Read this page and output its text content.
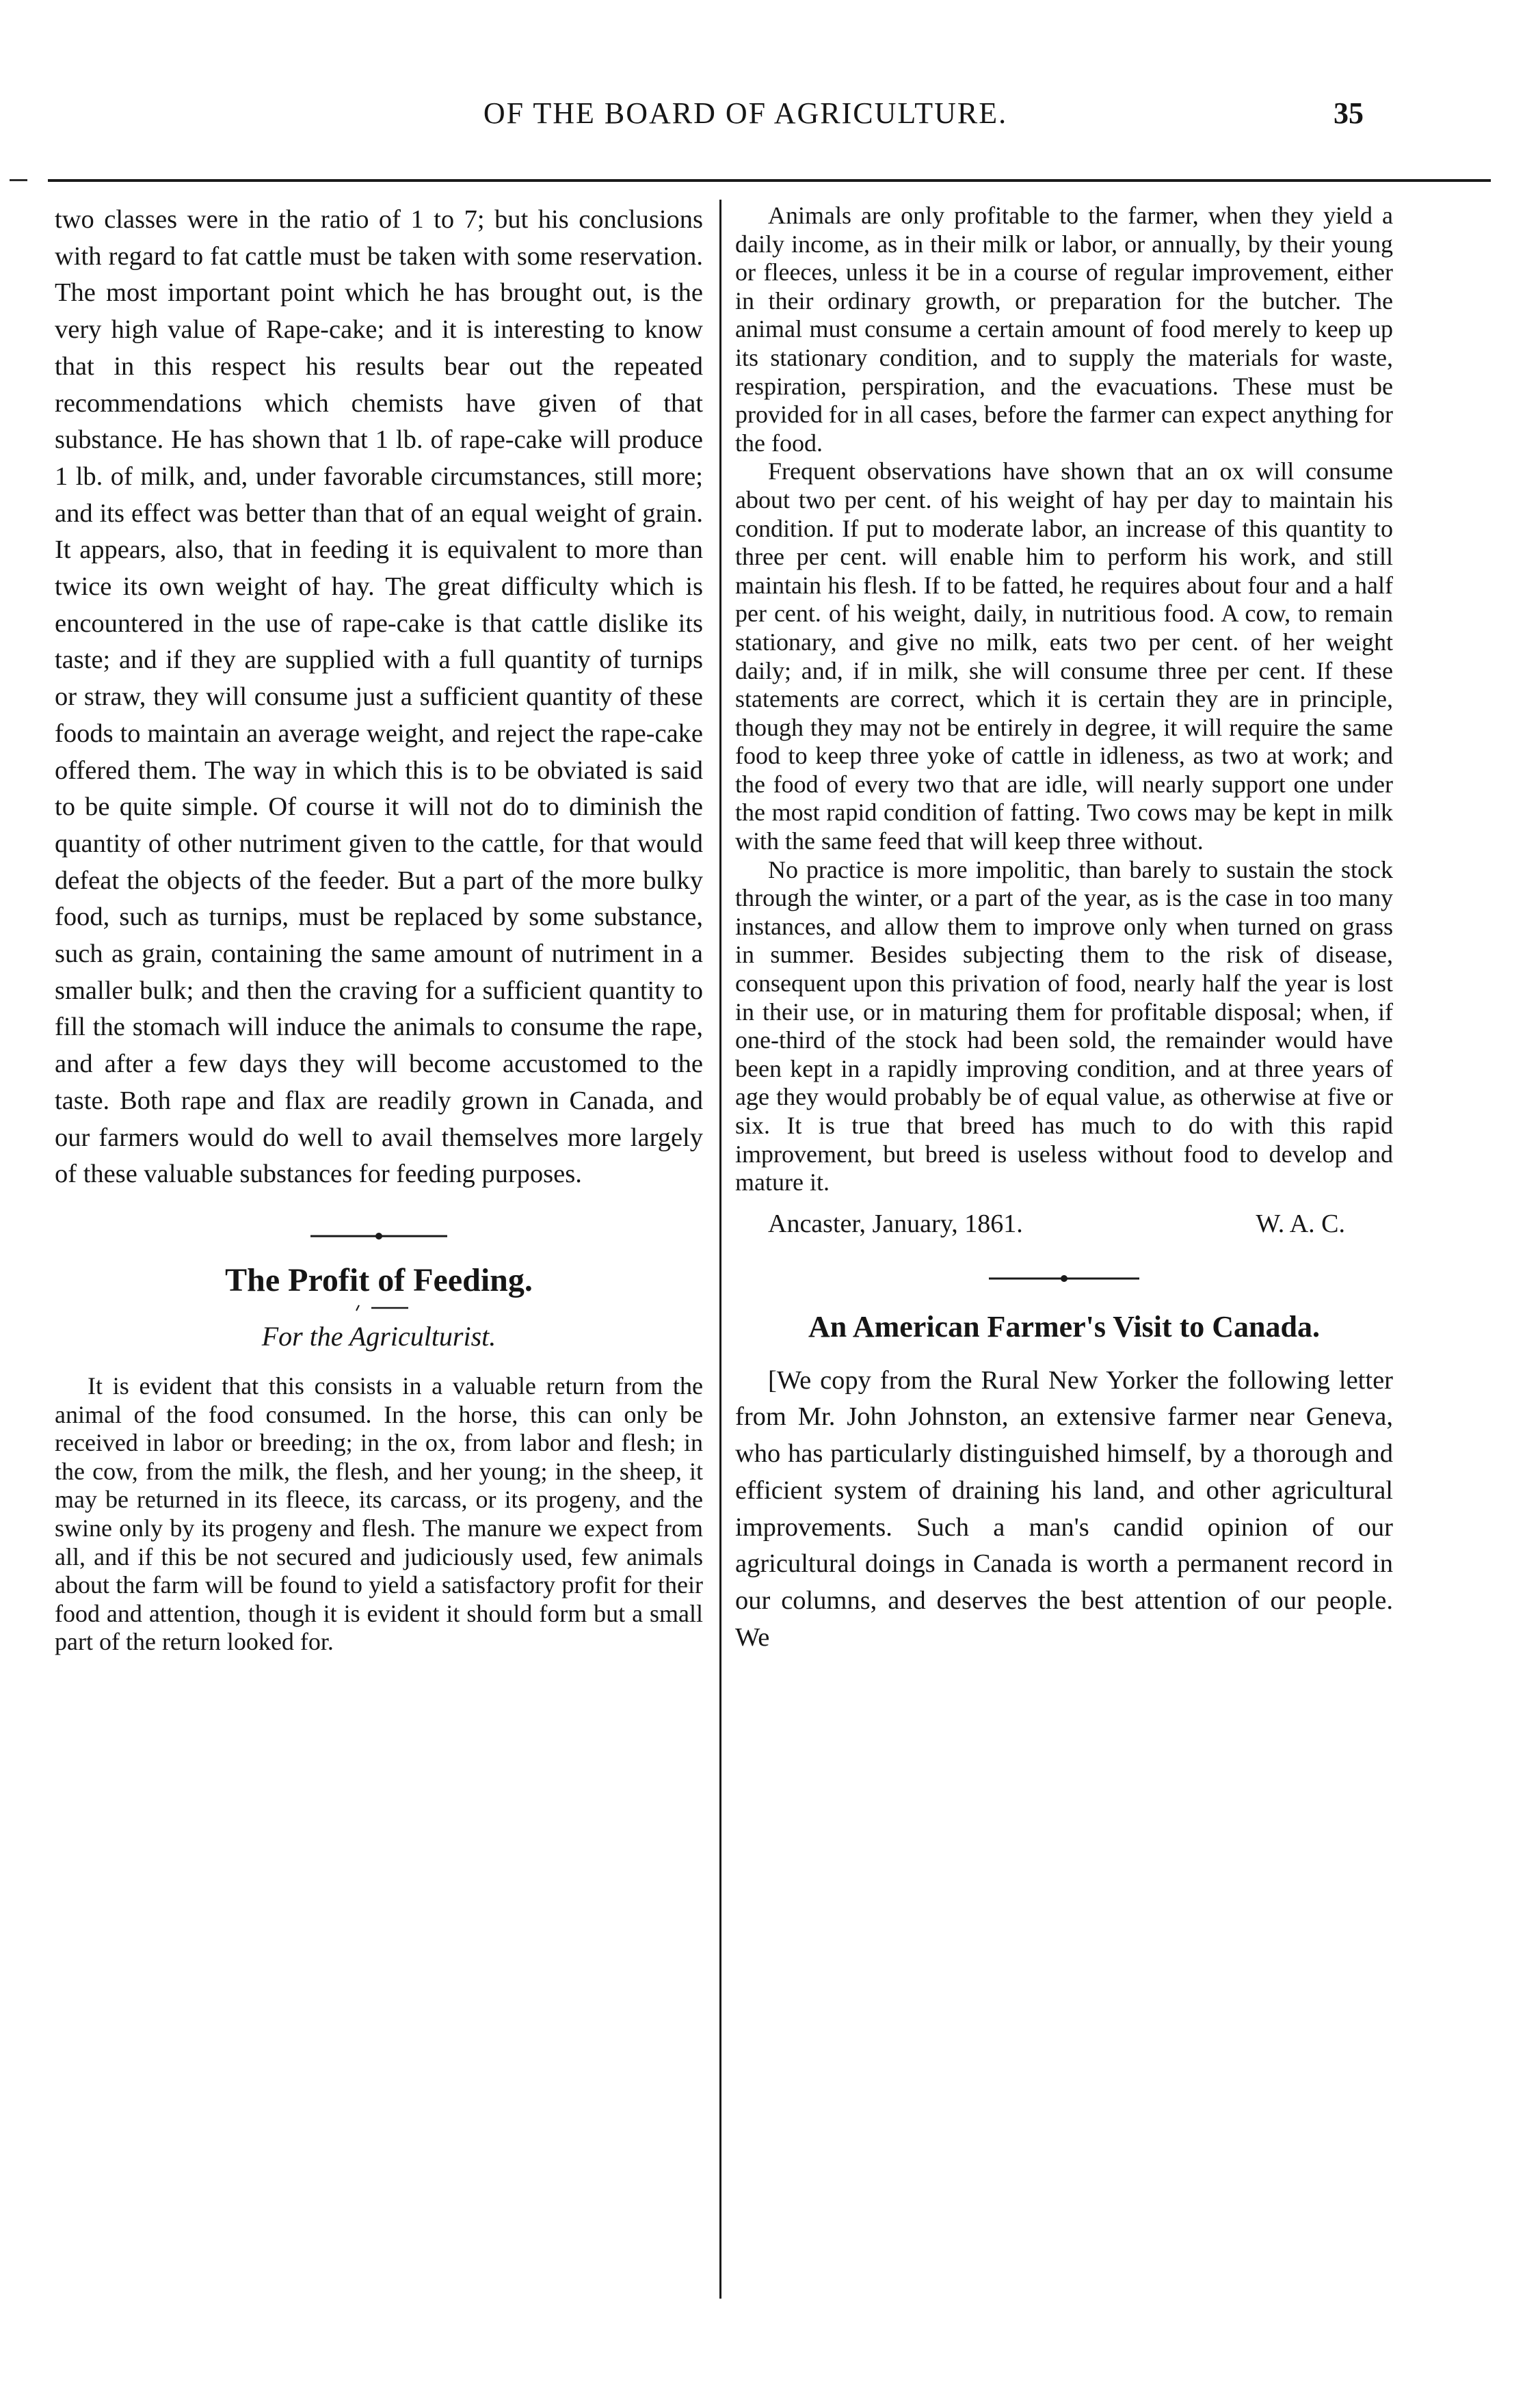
OF THE BOARD OF AGRICULTURE.	35

two classes were in the ratio of 1 to 7; but his conclusions with regard to fat cattle must be taken with some reservation. The most important point which he has brought out, is the very high value of Rape-cake; and it is interesting to know that in this respect his results bear out the repeated recommendations which chemists have given of that substance. He has shown that 1 lb. of rape-cake will produce 1 lb. of milk, and, under favorable circumstances, still more; and its effect was better than that of an equal weight of grain. It appears, also, that in feeding it is equivalent to more than twice its own weight of hay. The great difficulty which is encountered in the use of rape-cake is that cattle dislike its taste; and if they are supplied with a full quantity of turnips or straw, they will consume just a sufficient quantity of these foods to maintain an average weight, and reject the rape-cake offered them. The way in which this is to be obviated is said to be quite simple. Of course it will not do to diminish the quantity of other nutriment given to the cattle, for that would defeat the objects of the feeder. But a part of the more bulky food, such as turnips, must be replaced by some substance, such as grain, containing the same amount of nutriment in a smaller bulk; and then the craving for a sufficient quantity to fill the stomach will induce the animals to consume the rape, and after a few days they will become accustomed to the taste. Both rape and flax are readily grown in Canada, and our farmers would do well to avail themselves more largely of these valuable substances for feeding purposes.

The Profit of Feeding.

For the Agriculturist.

It is evident that this consists in a valuable return from the animal of the food consumed. In the horse, this can only be received in labor or breeding; in the ox, from labor and flesh; in the cow, from the milk, the flesh, and her young; in the sheep, it may be returned in its fleece, its carcass, or its progeny, and the swine only by its progeny and flesh. The manure we expect from all, and if this be not secured and judiciously used, few animals about the farm will be found to yield a satisfactory profit for their food and attention, though it is evident it should form but a small part of the return looked for.

Animals are only profitable to the farmer, when they yield a daily income, as in their milk or labor, or annually, by their young or fleeces, unless it be in a course of regular improvement, either in their ordinary growth, or preparation for the butcher. The animal must consume a certain amount of food merely to keep up its stationary condition, and to supply the materials for waste, respiration, perspiration, and the evacuations. These must be provided for in all cases, before the farmer can expect anything for the food.

Frequent observations have shown that an ox will consume about two per cent. of his weight of hay per day to maintain his condition. If put to moderate labor, an increase of this quantity to three per cent. will enable him to perform his work, and still maintain his flesh. If to be fatted, he requires about four and a half per cent. of his weight, daily, in nutritious food. A cow, to remain stationary, and give no milk, eats two per cent. of her weight daily; and, if in milk, she will consume three per cent. If these statements are correct, which it is certain they are in principle, though they may not be entirely in degree, it will require the same food to keep three yoke of cattle in idleness, as two at work; and the food of every two that are idle, will nearly support one under the most rapid condition of fatting. Two cows may be kept in milk with the same feed that will keep three without.

No practice is more impolitic, than barely to sustain the stock through the winter, or a part of the year, as is the case in too many instances, and allow them to improve only when turned on grass in summer. Besides subjecting them to the risk of disease, consequent upon this privation of food, nearly half the year is lost in their use, or in maturing them for profitable disposal; when, if one-third of the stock had been sold, the remainder would have been kept in a rapidly improving condition, and at three years of age they would probably be of equal value, as otherwise at five or six. It is true that breed has much to do with this rapid improvement, but breed is useless without food to develop and mature it.

Ancaster, January, 1861.	W. A. C.
An American Farmer's Visit to Canada.

[We copy from the Rural New Yorker the following letter from Mr. John Johnston, an extensive farmer near Geneva, who has particularly distinguished himself, by a thorough and efficient system of draining his land, and other agricultural improvements. Such a man's candid opinion of our agricultural doings in Canada is worth a permanent record in our columns, and deserves the best attention of our people. We
